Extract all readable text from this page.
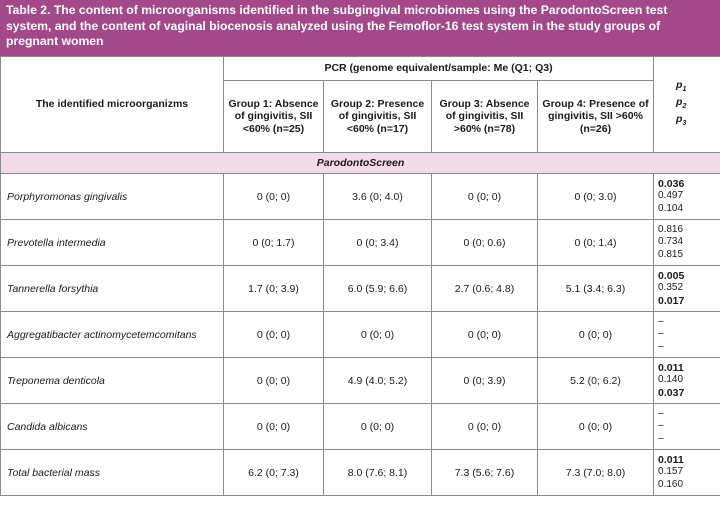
Table 2. The content of microorganisms identified in the subgingival microbiomes using the ParodontoScreen test system, and the content of vaginal biocenosis analyzed using the Femoflor-16 test system in the study groups of pregnant women
The identified microorganizms	PCR (genome equivalent/sample: Me (Q1; Q3)				$p_1$
$p_2$
$p_3$
	Group 1: Absence of gingivitis, SII <60% (n=25)	Group 2: Presence of gingivitis, SII <60% (n=17)	Group 3: Absence of gingivitis, SII >60% (n=78)	Group 4: Presence of gingivitis, SII >60% (n=26)	
ParodontoScreen					
Porphyromonas gingivalis	0 (0; 0)	3.6 (0; 4.0)	0 (0; 0)	0 (0; 3.0)	0.036
0.497
0.104

Prevotella intermedia	0 (0; 1.7)	0 (0; 3.4)	0 (0; 0.6)	0 (0; 1.4)	0.816
0.734
0.815

Tannerella forsythia	1.7 (0; 3.9)	6.0 (5.9; 6.6)	2.7 (0.6; 4.8)	5.1 (3.4; 6.3)	0.005
0.352
0.017

Aggregatibacter actinomycetemcomitans	0 (0; 0)	0 (0; 0)	0 (0; 0)	0 (0; 0)	–
–
–

Treponema denticola	0 (0; 0)	4.9 (4.0; 5.2)	0 (0; 3.9)	5.2 (0; 6.2)	0.011
0.140
0.037

Candida albicans	0 (0; 0)	0 (0; 0)	0 (0; 0)	0 (0; 0)	–
–
–

Total bacterial mass	6.2 (0; 7.3)	8.0 (7.6; 8.1)	7.3 (5.6; 7.6)	7.3 (7.0; 8.0)	0.011
0.157
0.160
